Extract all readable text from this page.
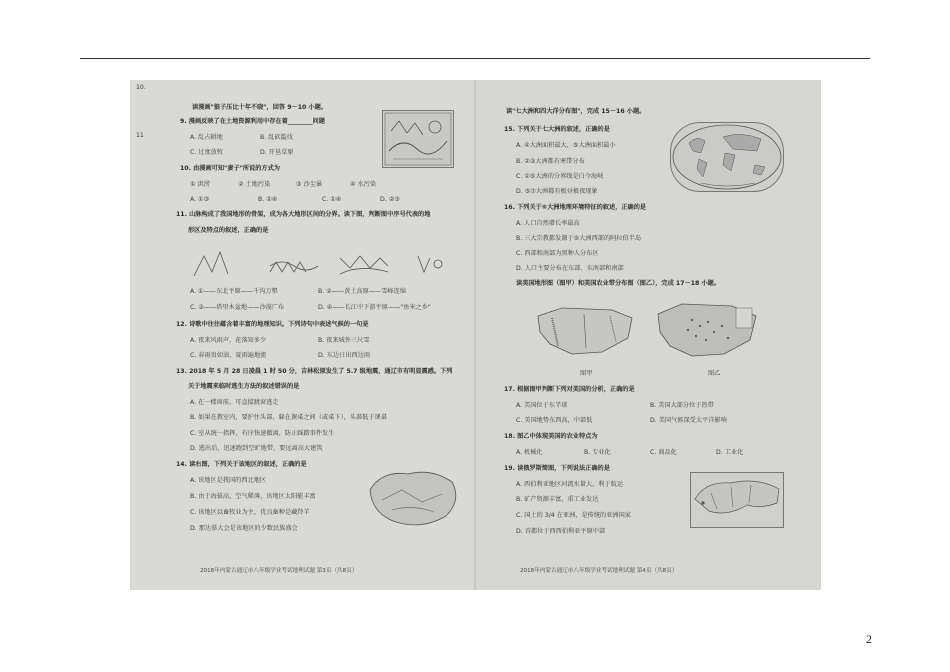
10.
11
读漫画"狼子压比十年不晓"，回答 9－10 小题。
9. 漫画反映了在土地资源利用中存在着________问题
A. 乱占耕地	B. 乱砍滥伐
C. 过度放牧	D. 开垦草原
10. 由漫画可知"妻子"所说的方式为
① 洪涝	② 土地污染	③ 沙尘暴	④ 水污染
A. ①③	B. ②④	C. ①④	D. ②③
11. 山脉构成了我国地形的骨架，成为各大地形区间的分界。读下图，判断图中序号代表的地
形区及特点的叙述，正确的是
A. ①——东北平原——千沟万壑	B. ②——黄土高原——雪峰连绵
C. ③——塔里木盆地——沙漠广布	D. ④——长江中下游平原——"鱼米之乡"
12. 诗歌中往往蕴含着丰富的地理知识。下列诗句中表述气候的一句是
A. 夜来风雨声，花落知多少	B. 夜来城外三尺雪
C. 春雨贵如油，夏雨遍地流	D. 东边日出西边雨
13. 2018 年 5 月 28 日凌晨 1 时 50 分，吉林松原发生了 5.7 级地震，通辽市有明显震感。下列
关于地震来临时逃生方法的叙述错误的是
A. 在一楼窗前，可直接跳窗逃走
B. 如果在教室内，要护住头部，躲在课桌之间（或桌下），头部低于课桌
C. 室从统一指挥，有序快速撤离，防止踩踏事件发生
D. 逃出后，迅速跑到空旷地带，要远离高大建筑
14. 读右图，下列关于该地区的叙述，正确的是
A. 该地区是我国的西北地区
B. 由于海拔高，空气稀薄，该地区太阳能丰富
C. 该地区以畜牧业为主，优良畜种是藏羚羊
D. 那达慕大会是该地区的少数民族盛会
2018年内蒙古通辽市八年级学业考试地理试题 第3页（共8页）
读"七大洲和四大洋分布图"，完成 15－16 小题。
15. 下列关于七大洲的叙述，正确的是
A. ④大洲面积最大，⑤大洲面积最小
B. ②③大洲都有寒带分布
C. ①⑤大洲的分界线是白令海峡
D. ⑤⑦大洲都有极昼极夜现象
16. 下列关于⑤大洲地理环境特征的叙述，正确的是
A. 人口自然增长率最高
B. 三大宗教都发源于⑤大洲西部的阿拉伯半岛
C. 西部和南部为黑种人分布区
D. 人口主要分布在东部、东南部和南部
读美国地形图（图甲）和美国农业带分布图（图乙），完成 17－18 小题。
图甲	图乙
17. 根据图甲判断下列对美国的分析，正确的是
A. 美国位于东半球	B. 美国大部分位于热带
C. 美国地势东西高，中部低	D. 美国气候深受太平洋影响
18. 图乙中体现美国的农业特点为
A. 机械化	B. 专业化	C. 商品化	D. 工业化
19. 读俄罗斯简图，下列说法正确的是
A. 西伯利亚地区河流水量大，利于航运
B. 矿产资源丰富，重工业发达
C. 国土的 3/4 在亚洲，是传统的亚洲国家
D. 首都位于西西伯利亚平原中部
2018年内蒙古通辽市八年级学业考试地理试题 第4页（共8页）
2
